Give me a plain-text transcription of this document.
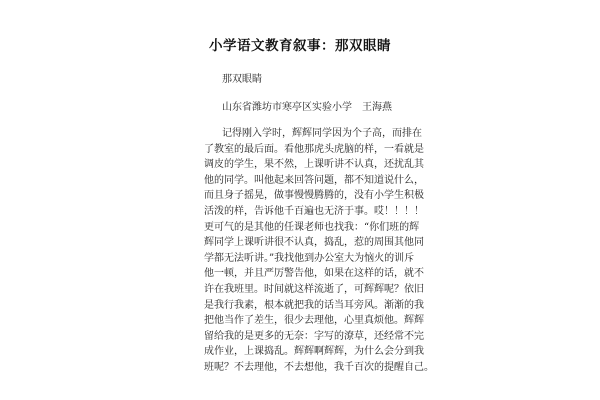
小学语文教育叙事：那双眼睛
那双眼睛
山东省潍坊市寒亭区实验小学　王海燕
记得刚入学时，辉辉同学因为个子高，而排在
了教室的最后面。看他那虎头虎脑的样，一看就是
调皮的学生，果不然，上课听讲不认真，还扰乱其
他的同学。叫他起来回答问题，都不知道说什么，
而且身子摇晃，做事慢慢腾腾的，没有小学生积极
活泼的样，告诉他千百遍也无济于事。哎！！！！
更可气的是其他的任课老师也找我：“你们班的辉
辉同学上课听讲很不认真，捣乱，惹的周围其他同
学都无法听讲。”我找他到办公室大为恼火的训斥
他一顿，并且严厉警告他，如果在这样的话，就不
许在我班里。时间就这样流逝了，可辉辉呢？依旧
是我行我素，根本就把我的话当耳旁风。渐渐的我
把他当作了差生，很少去理他，心里真烦他。辉辉
留给我的是更多的无奈：字写的潦草，还经常不完
成作业，上课捣乱。辉辉啊辉辉，为什么会分到我
班呢？不去理他，不去想他，我千百次的提醒自己。
